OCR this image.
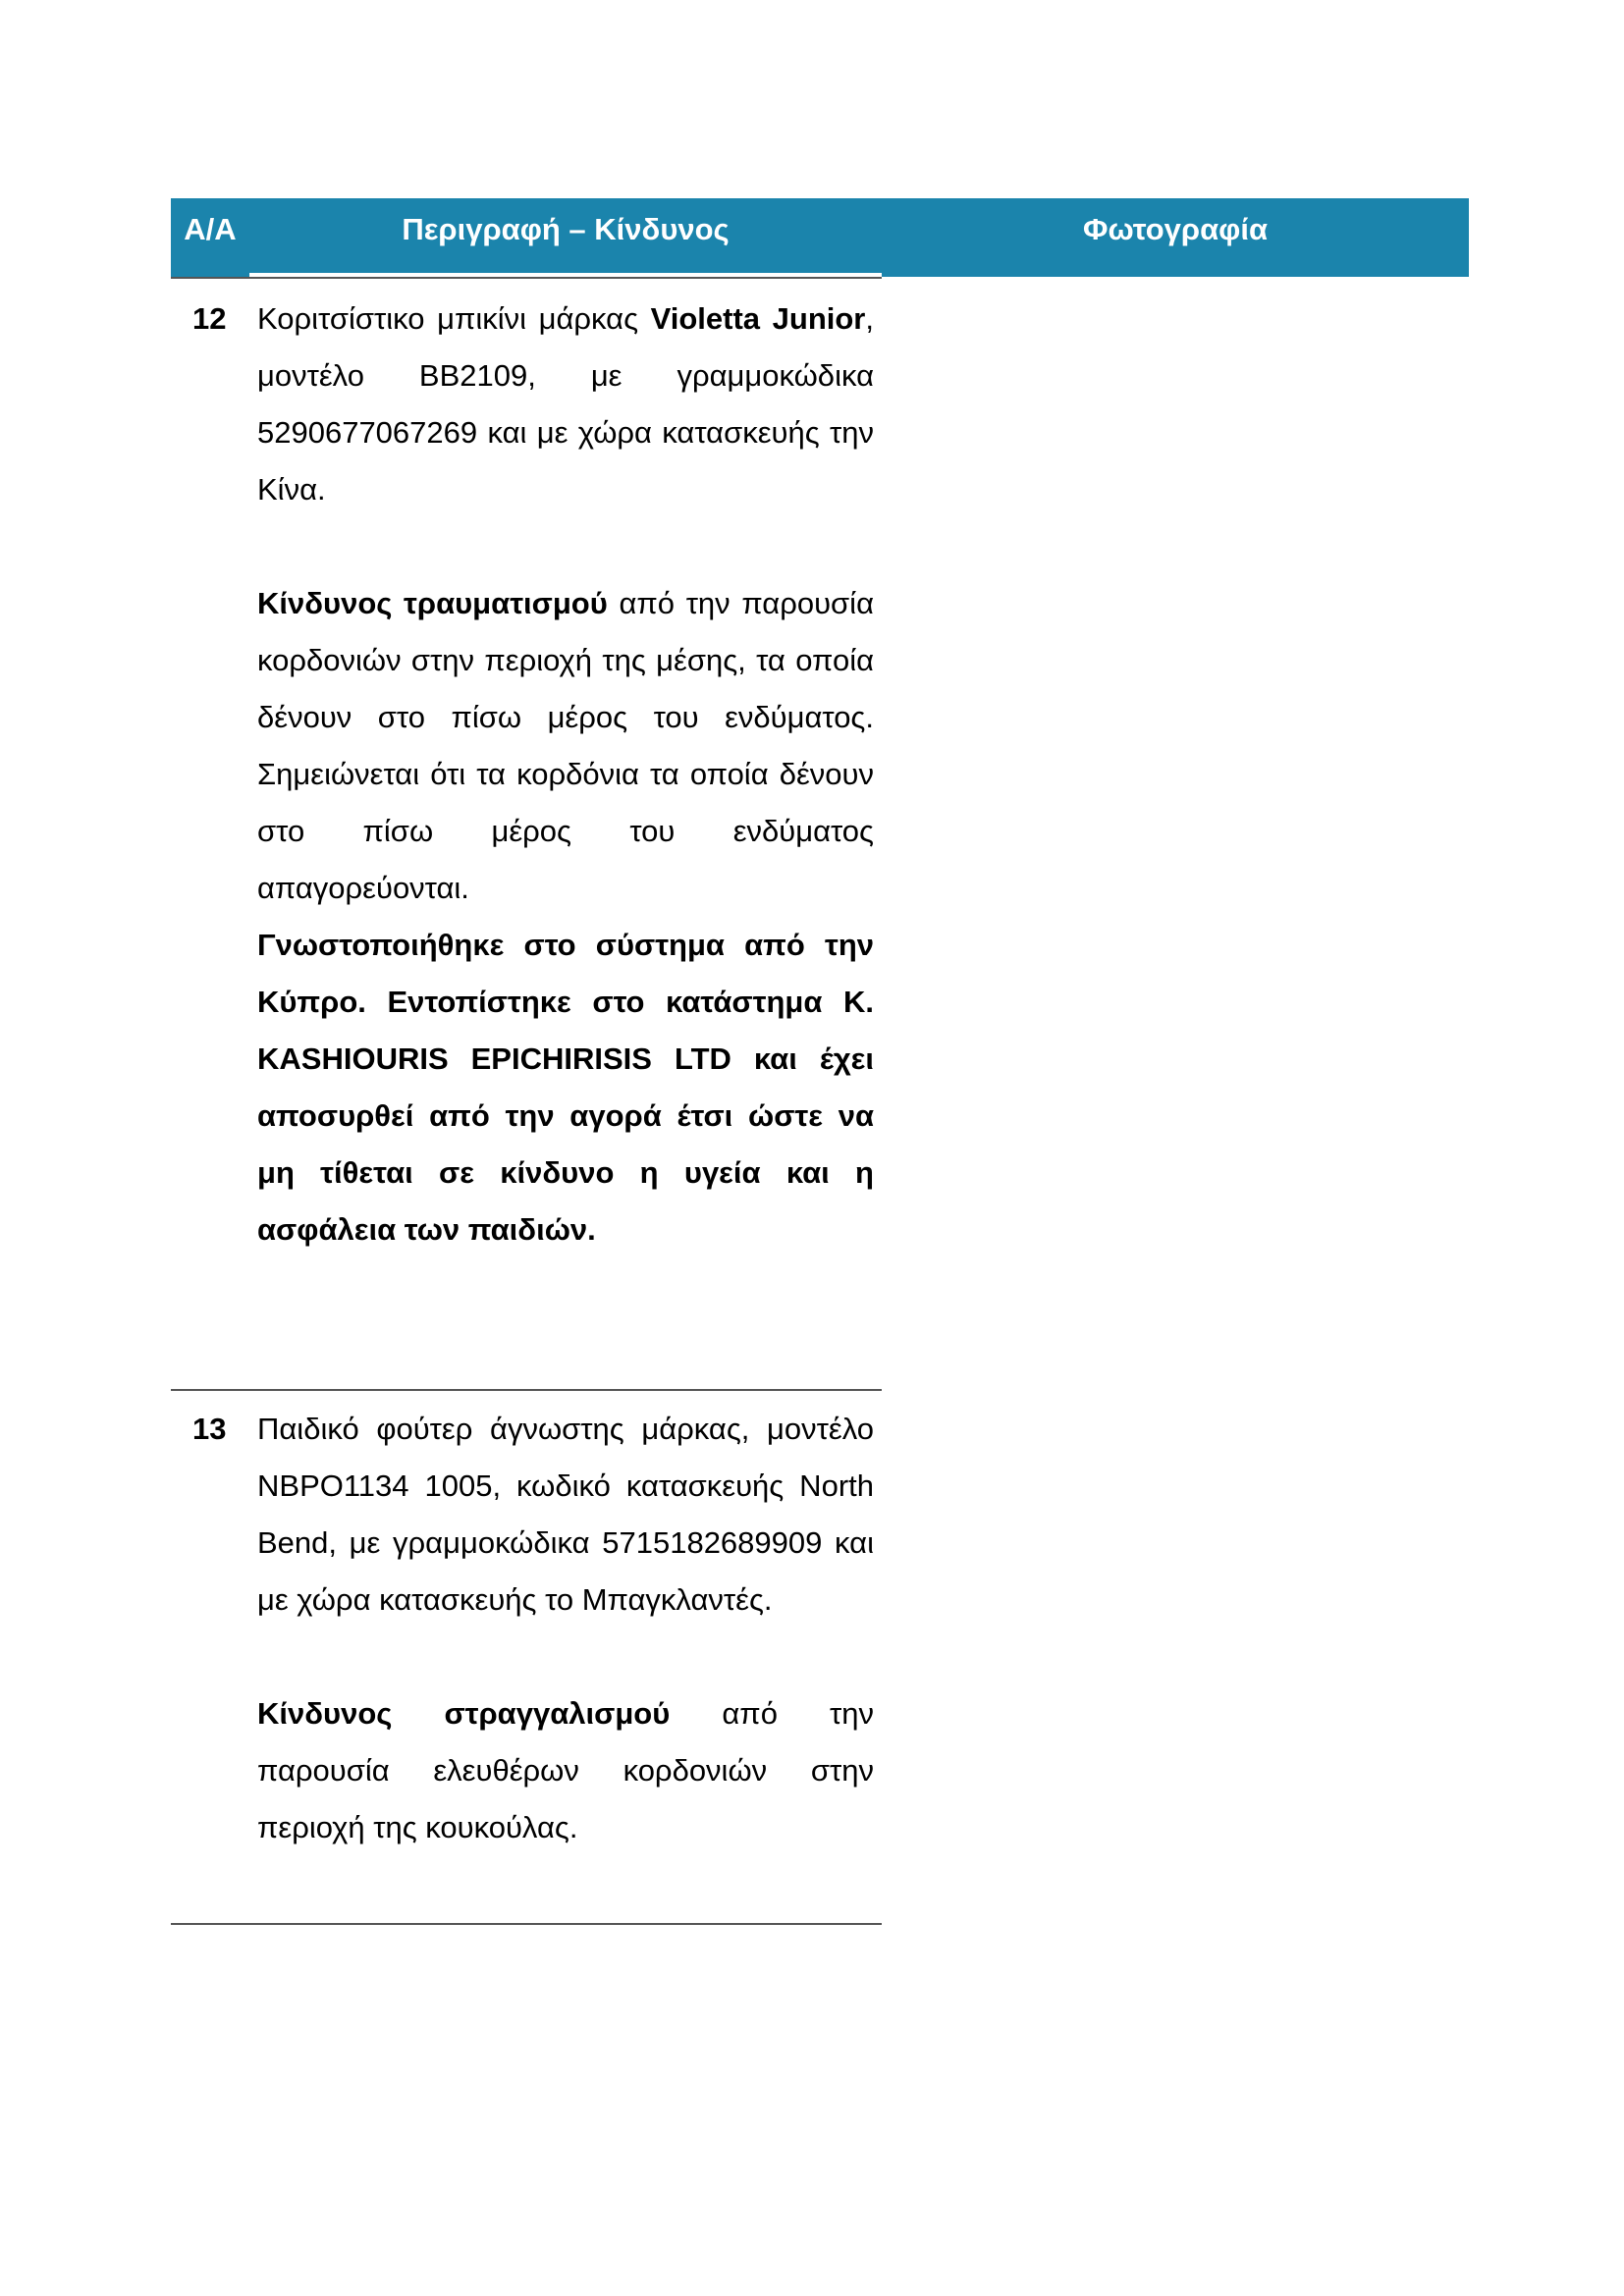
Α/Α	Περιγραφή – Κίνδυνος	Φωτογραφία
12	Κοριτσίστικο μπικίνι μάρκας Violetta Junior, μοντέλο BB2109, με γραμμοκώδικα 5290677067269 και με χώρα κατασκευής την Κίνα.

Κίνδυνος τραυματισμού από την παρουσία κορδονιών στην περιοχή της μέσης, τα οποία δένουν στο πίσω μέρος του ενδύματος. Σημειώνεται ότι τα κορδόνια τα οποία δένουν στο πίσω μέρος του ενδύματος απαγορεύονται.

Γνωστοποιήθηκε στο σύστημα από την Κύπρο. Εντοπίστηκε στο κατάστημα K. KASHIOURIS EPICHIRISIS LTD και έχει αποσυρθεί από την αγορά έτσι ώστε να μη τίθεται σε κίνδυνο η υγεία και η ασφάλεια των παιδιών.

13	Παιδικό φούτερ άγνωστης μάρκας, μοντέλο NBPO1134 1005, κωδικό κατασκευής North Bend, με γραμμοκώδικα 5715182689909 και με χώρα κατασκευής το Μπαγκλαντές.

Κίνδυνος στραγγαλισμού από την παρουσία ελευθέρων κορδονιών στην περιοχή της κουκούλας.
